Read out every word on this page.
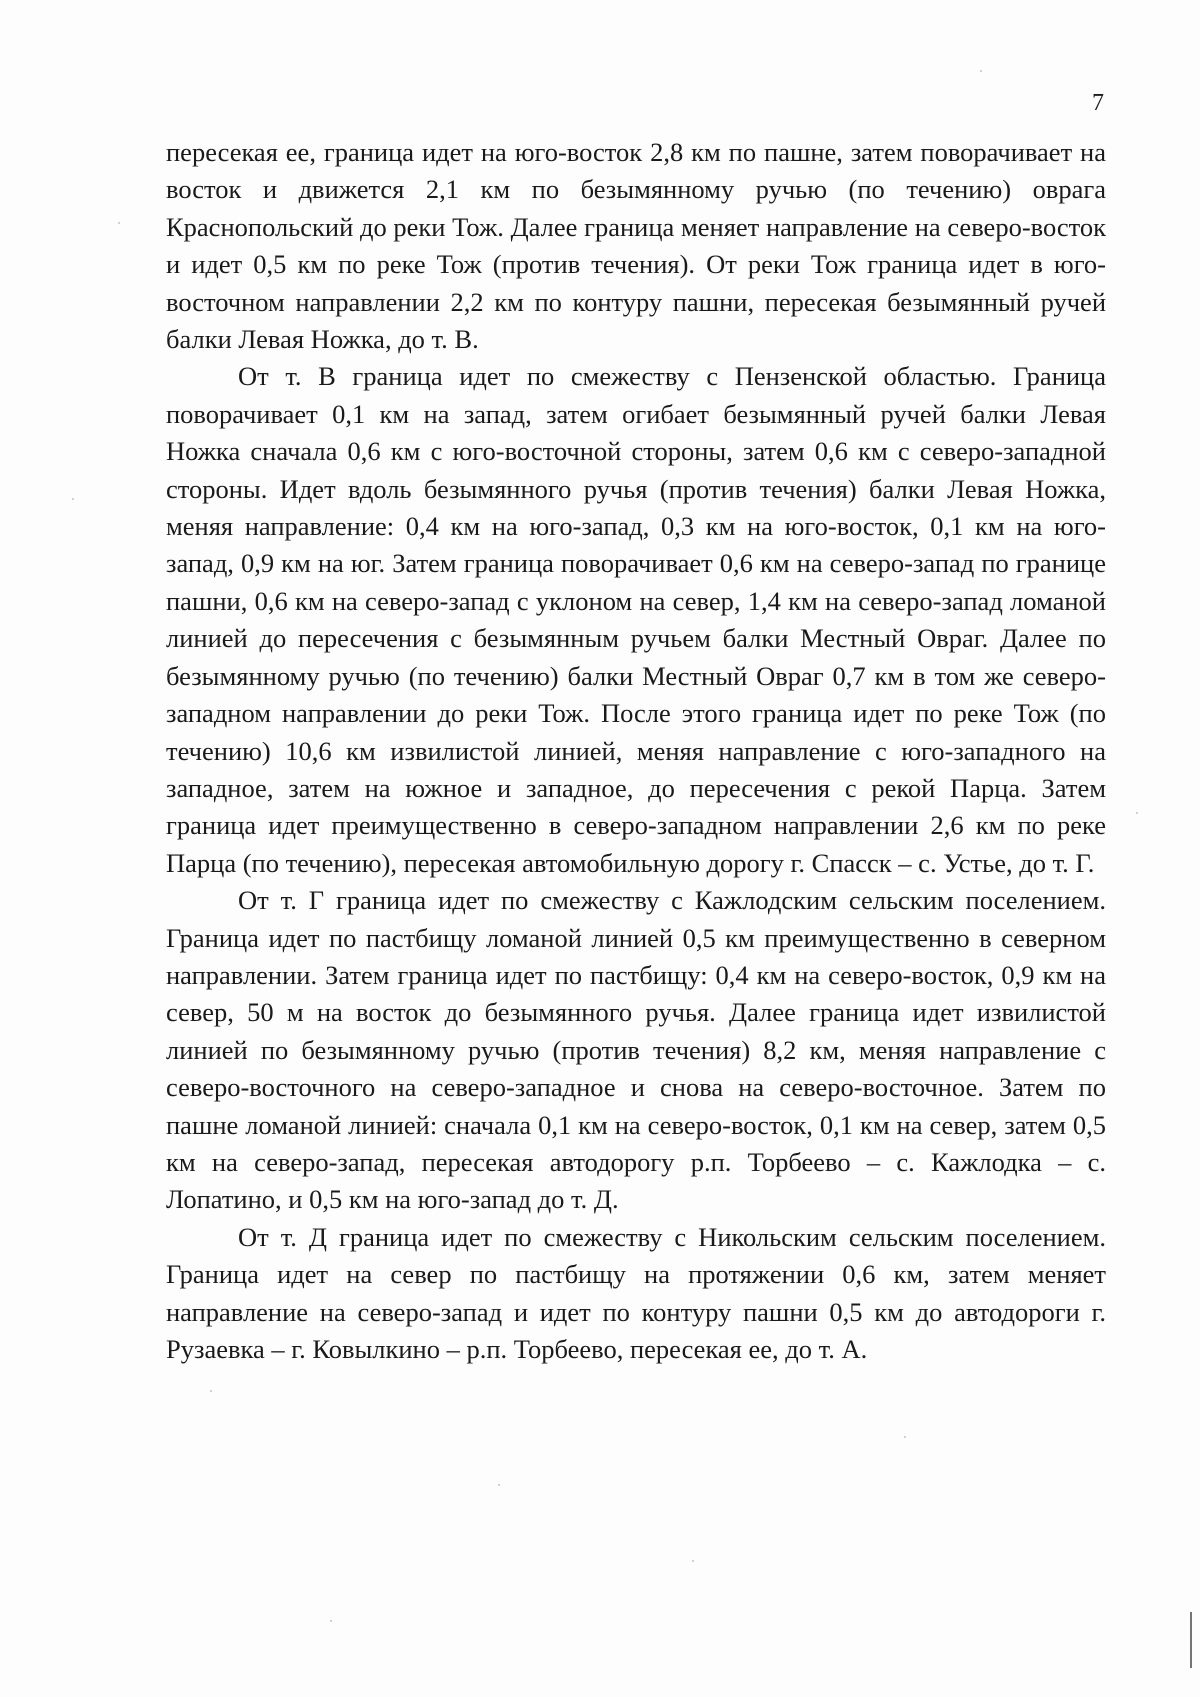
7

пересекая ее, граница идет на юго-восток 2,8 км по пашне, затем поворачивает на восток и движется 2,1 км по безымянному ручью (по течению) оврага Краснопольский до реки Тож. Далее граница меняет направление на северо-восток и идет 0,5 км по реке Тож (против течения). От реки Тож граница идет в юго-восточном направлении 2,2 км по контуру пашни, пересекая безымянный ручей балки Левая Ножка, до т. В.

От т. В граница идет по смежеству с Пензенской областью. Граница поворачивает 0,1 км на запад, затем огибает безымянный ручей балки Левая Ножка сначала 0,6 км с юго-восточной стороны, затем 0,6 км с северо-западной стороны. Идет вдоль безымянного ручья (против течения) балки Левая Ножка, меняя направление: 0,4 км на юго-запад, 0,3 км на юго-восток, 0,1 км на юго-запад, 0,9 км на юг. Затем граница поворачивает 0,6 км на северо-запад по границе пашни, 0,6 км на северо-запад с уклоном на север, 1,4 км на северо-запад ломаной линией до пересечения с безымянным ручьем балки Местный Овраг. Далее по безымянному ручью (по течению) балки Местный Овраг 0,7 км в том же северо-западном направлении до реки Тож. После этого граница идет по реке Тож (по течению) 10,6 км извилистой линией, меняя направление с юго-западного на западное, затем на южное и западное, до пересечения с рекой Парца. Затем граница идет преимущественно в северо-западном направлении 2,6 км по реке Парца (по течению), пересекая автомобильную дорогу г. Спасск – с. Устье, до т. Г.

От т. Г граница идет по смежеству с Кажлодским сельским поселением. Граница идет по пастбищу ломаной линией 0,5 км преимущественно в северном направлении. Затем граница идет по пастбищу: 0,4 км на северо-восток, 0,9 км на север, 50 м на восток до безымянного ручья. Далее граница идет извилистой линией по безымянному ручью (против течения) 8,2 км, меняя направление с северо-восточного на северо-западное и снова на северо-восточное. Затем по пашне ломаной линией: сначала 0,1 км на северо-восток, 0,1 км на север, затем 0,5 км на северо-запад, пересекая автодорогу р.п. Торбеево – с. Кажлодка – с. Лопатино, и 0,5 км на юго-запад до т. Д.

От т. Д граница идет по смежеству с Никольским сельским поселением. Граница идет на север по пастбищу на протяжении 0,6 км, затем меняет направление на северо-запад и идет по контуру пашни 0,5 км до автодороги г. Рузаевка – г. Ковылкино – р.п. Торбеево, пересекая ее, до т. А.
